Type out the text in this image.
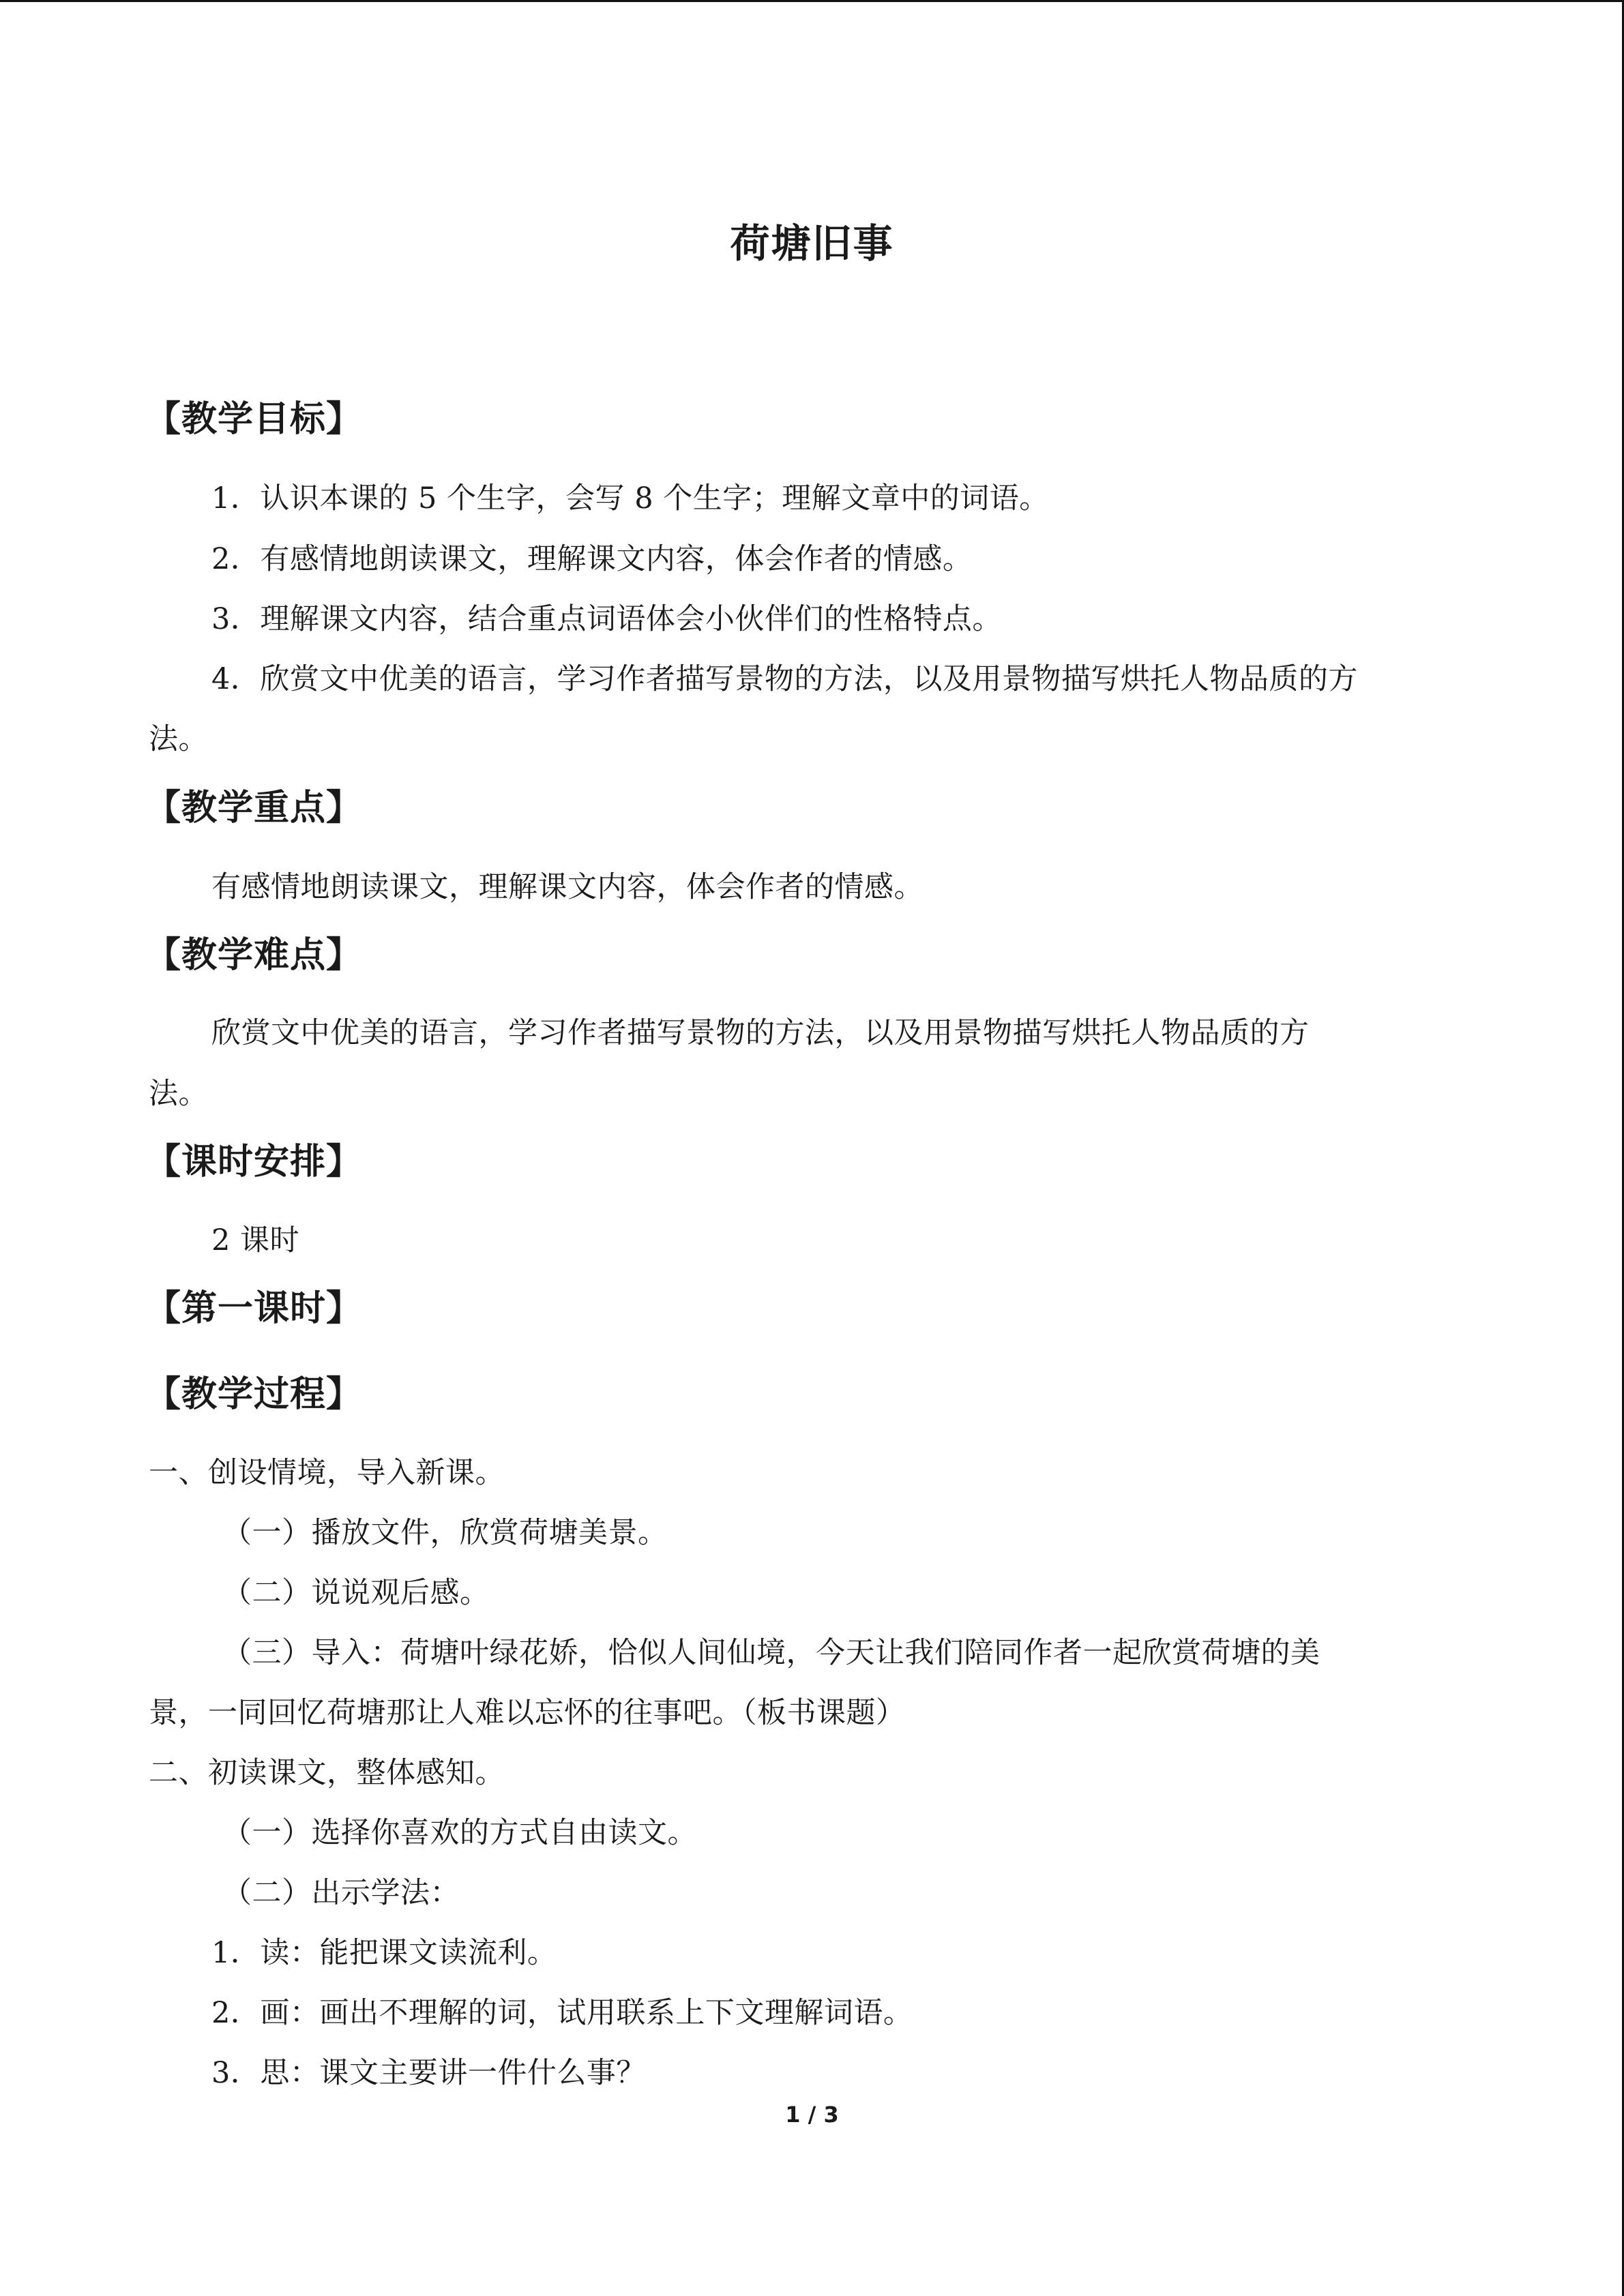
荷塘旧事
【教学目标】
1．认识本课的 5 个生字，会写 8 个生字；理解文章中的词语。
2．有感情地朗读课文，理解课文内容，体会作者的情感。
3．理解课文内容，结合重点词语体会小伙伴们的性格特点。
4．欣赏文中优美的语言，学习作者描写景物的方法，以及用景物描写烘托人物品质的方
法。
【教学重点】
有感情地朗读课文，理解课文内容，体会作者的情感。
【教学难点】
欣赏文中优美的语言，学习作者描写景物的方法，以及用景物描写烘托人物品质的方
法。
【课时安排】
2 课时
【第一课时】
【教学过程】
一、创设情境，导入新课。
（一）播放文件，欣赏荷塘美景。
（二）说说观后感。
（三）导入：荷塘叶绿花娇，恰似人间仙境，今天让我们陪同作者一起欣赏荷塘的美
景，一同回忆荷塘那让人难以忘怀的往事吧。（板书课题）
二、初读课文，整体感知。
（一）选择你喜欢的方式自由读文。
（二）出示学法：
1．读：能把课文读流利。
2．画：画出不理解的词，试用联系上下文理解词语。
3．思：课文主要讲一件什么事？
1 / 3
